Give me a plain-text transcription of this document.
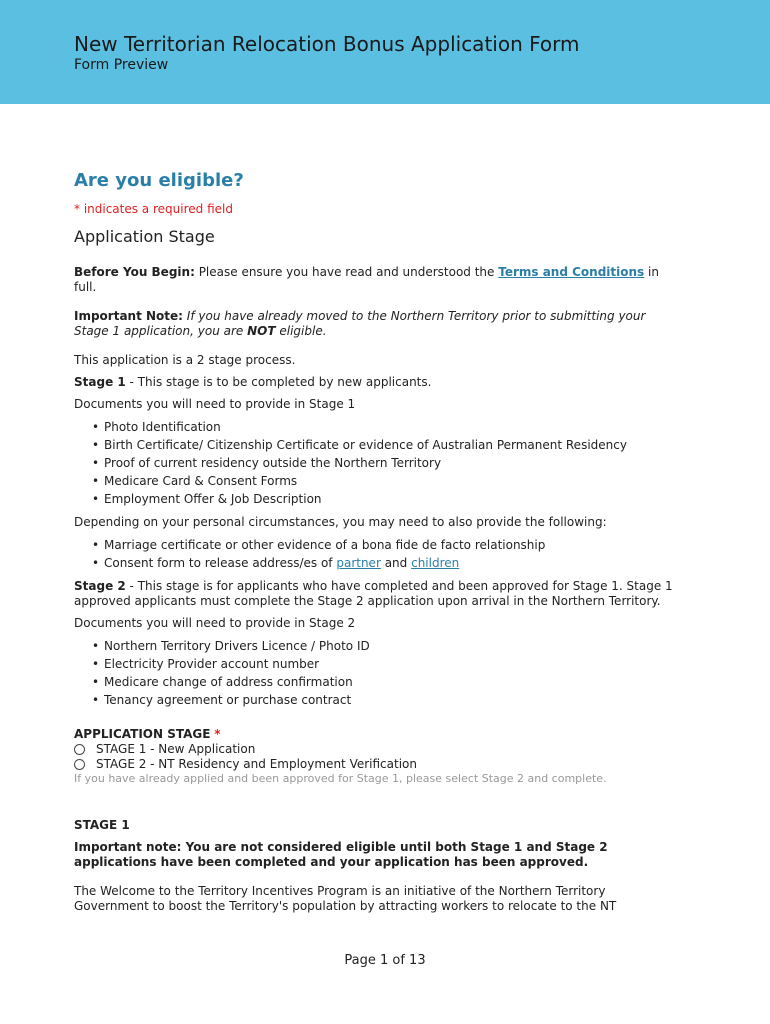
New Territorian Relocation Bonus Application Form
Form Preview
Are you eligible?
* indicates a required field
Application Stage

Before You Begin: Please ensure you have read and understood the Terms and Conditions in full.

Important Note: If you have already moved to the Northern Territory prior to submitting your Stage 1 application, you are NOT eligible.

This application is a 2 stage process.

Stage 1 - This stage is to be completed by new applicants.

Documents you will need to provide in Stage 1

• Photo Identification
• Birth Certificate/ Citizenship Certificate or evidence of Australian Permanent Residency
• Proof of current residency outside the Northern Territory
• Medicare Card & Consent Forms
• Employment Offer & Job Description

Depending on your personal circumstances, you may need to also provide the following:

• Marriage certificate or other evidence of a bona fide de facto relationship
• Consent form to release address/es of partner and children

Stage 2 - This stage is for applicants who have completed and been approved for Stage 1. Stage 1 approved applicants must complete the Stage 2 application upon arrival in the Northern Territory.

Documents you will need to provide in Stage 2

• Northern Territory Drivers Licence / Photo ID
• Electricity Provider account number
• Medicare change of address confirmation
• Tenancy agreement or purchase contract
APPLICATION STAGE *
STAGE 1 - New Application
STAGE 2 - NT Residency and Employment Verification
If you have already applied and been approved for Stage 1, please select Stage 2 and complete.

STAGE 1

Important note: You are not considered eligible until both Stage 1 and Stage 2 applications have been completed and your application has been approved.

The Welcome to the Territory Incentives Program is an initiative of the Northern Territory Government to boost the Territory's population by attracting workers to relocate to the NT

Page 1 of 13
